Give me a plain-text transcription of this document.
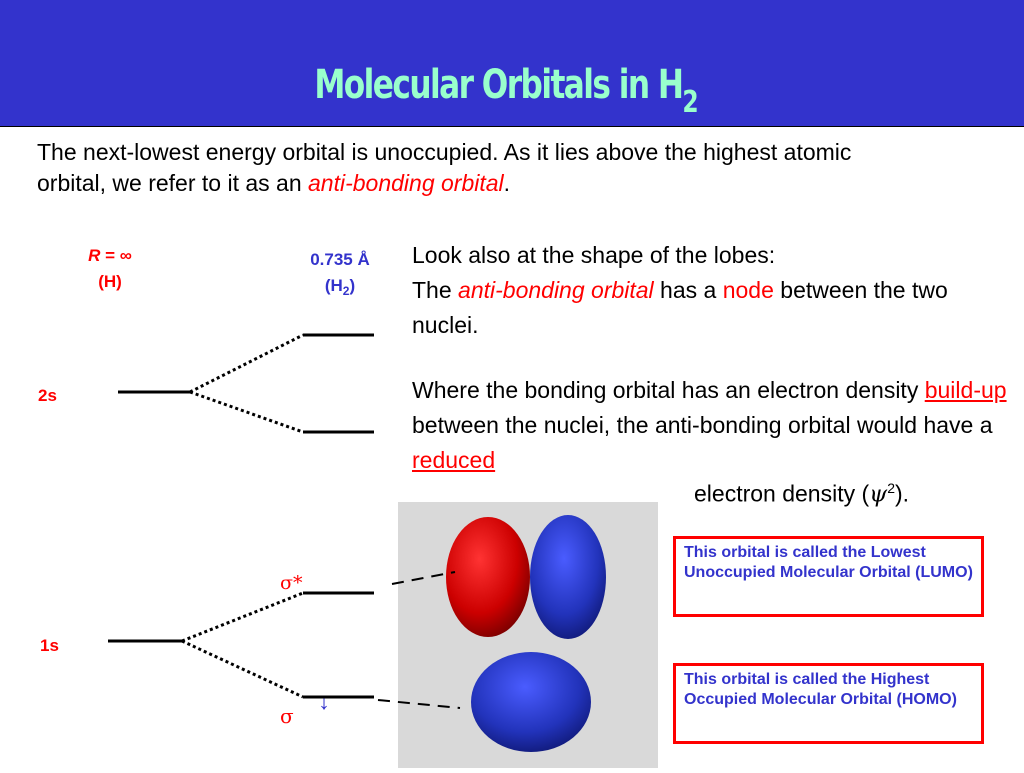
Molecular Orbitals in $H_2$
The next-lowest energy orbital is unoccupied. As it lies above the highest atomic orbital, we refer to it as an anti-bonding orbital.
Look also at the shape of the lobes:
The anti-bonding orbital has a node between the two nuclei.
Where the bonding orbital has an electron density build-up between the nuclei, the anti-bonding orbital would have a reduced
electron density $(\psi^2)$.
R = ∞
(H)
0.735 Å
$(H_2)$
2s
1s
σ*
σ
↓
This orbital is called the Lowest Unoccupied Molecular Orbital (LUMO)
This orbital is called the Highest Occupied Molecular Orbital (HOMO)
